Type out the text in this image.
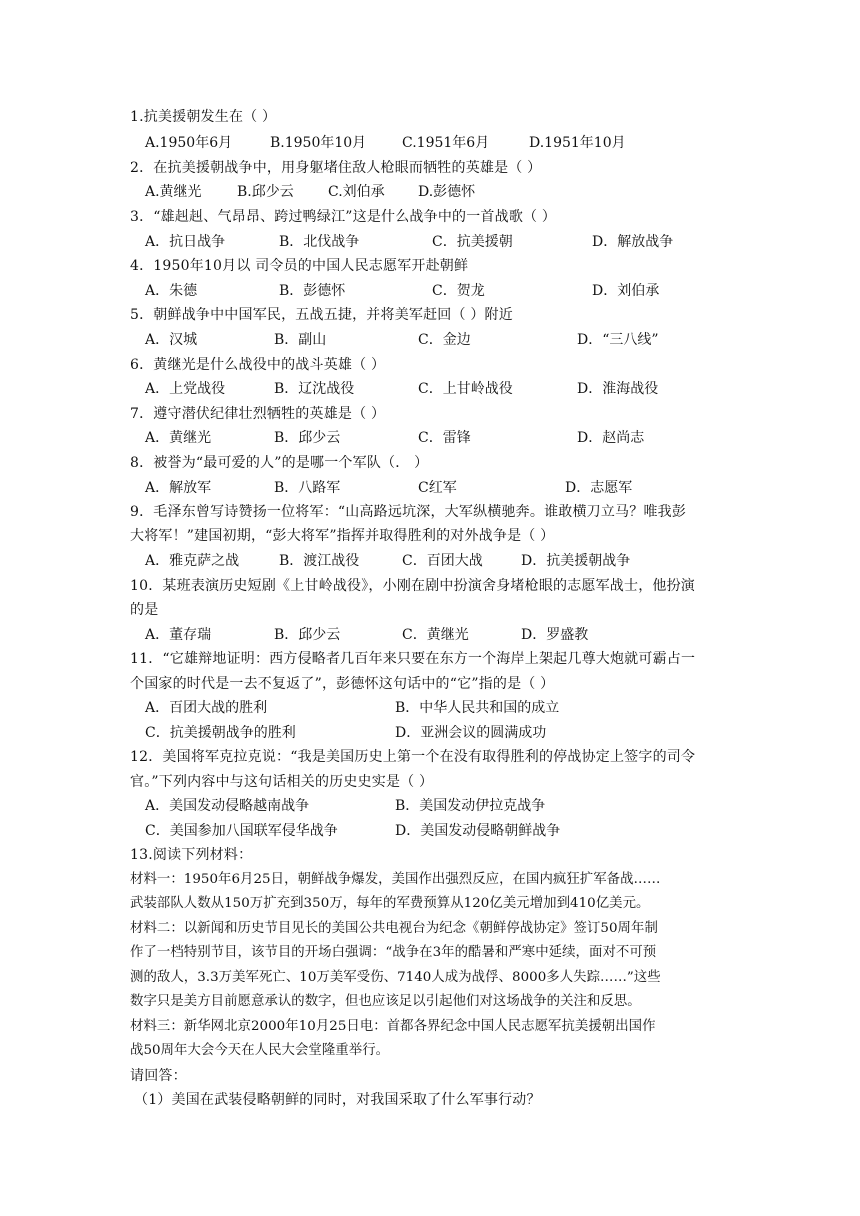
1.抗美援朝发生在（ ）
A.1950年6月	B.1950年10月	C.1951年6月	D.1951年10月
2．在抗美援朝战争中，用身躯堵住敌人枪眼而牺牲的英雄是（ ）
A.黄继光	B.邱少云 C.刘伯承 D.彭德怀
3．“雄赳赳、气昂昂、跨过鸭绿江”这是什么战争中的一首战歌（ ）
A．抗日战争	B．北伐战争	C．抗美援朝	D．解放战争
4．1950年10月以 司令员的中国人民志愿军开赴朝鲜
A．朱德	B．彭德怀	C．贺龙	D．刘伯承
5．朝鲜战争中中国军民，五战五捷，并将美军赶回（ ）附近
A．汉城	B．副山	C．金边	D．“三八线”
6．黄继光是什么战役中的战斗英雄（ ）
A．上党战役	B．辽沈战役	C．上甘岭战役	D．淮海战役
7．遵守潜伏纪律壮烈牺牲的英雄是（ ）
A．黄继光	B．邱少云	C．雷锋	D．赵尚志
8．被誉为“最可爱的人”的是哪一个军队（． ）
A．解放军	B．八路军	C红军	D．志愿军
9．毛泽东曾写诗赞扬一位将军：“山高路远坑深，大军纵横驰奔。谁敢横刀立马？唯我彭
大将军！”建国初期，“彭大将军”指挥并取得胜利的对外战争是（ ）
A．雅克萨之战	B．渡江战役	C．百团大战	D．抗美援朝战争
10．某班表演历史短剧《上甘岭战役》，小刚在剧中扮演舍身堵枪眼的志愿军战士，他扮演
的是
A．董存瑞	B．邱少云	C．黄继光	D．罗盛教
11．“它雄辩地证明：西方侵略者几百年来只要在东方一个海岸上架起几尊大炮就可霸占一
个国家的时代是一去不复返了”，彭德怀这句话中的“它”指的是（ ）
A．百团大战的胜利	B．中华人民共和国的成立
C．抗美援朝战争的胜利	D．亚洲会议的圆满成功
12．美国将军克拉克说：“我是美国历史上第一个在没有取得胜利的停战协定上签字的司令
官。”下列内容中与这句话相关的历史史实是（ ）
A．美国发动侵略越南战争	B．美国发动伊拉克战争
C．美国参加八国联军侵华战争	D．美国发动侵略朝鲜战争
13.阅读下列材料：
材料一：1950年6月25日，朝鲜战争爆发，美国作出强烈反应，在国内疯狂扩军备战……
武装部队人数从150万扩充到350万，每年的军费预算从120亿美元增加到410亿美元。
材料二：以新闻和历史节目见长的美国公共电视台为纪念《朝鲜停战协定》签订50周年制
作了一档特别节目，该节目的开场白强调：“战争在3年的酷暑和严寒中延续，面对不可预
测的敌人，3.3万美军死亡、10万美军受伤、7140人成为战俘、8000多人失踪……”这些
数字只是美方目前愿意承认的数字，但也应该足以引起他们对这场战争的关注和反思。
材料三：新华网北京2000年10月25日电：首都各界纪念中国人民志愿军抗美援朝出国作
战50周年大会今天在人民大会堂隆重举行。
请回答：
（1）美国在武装侵略朝鲜的同时，对我国采取了什么军事行动？
